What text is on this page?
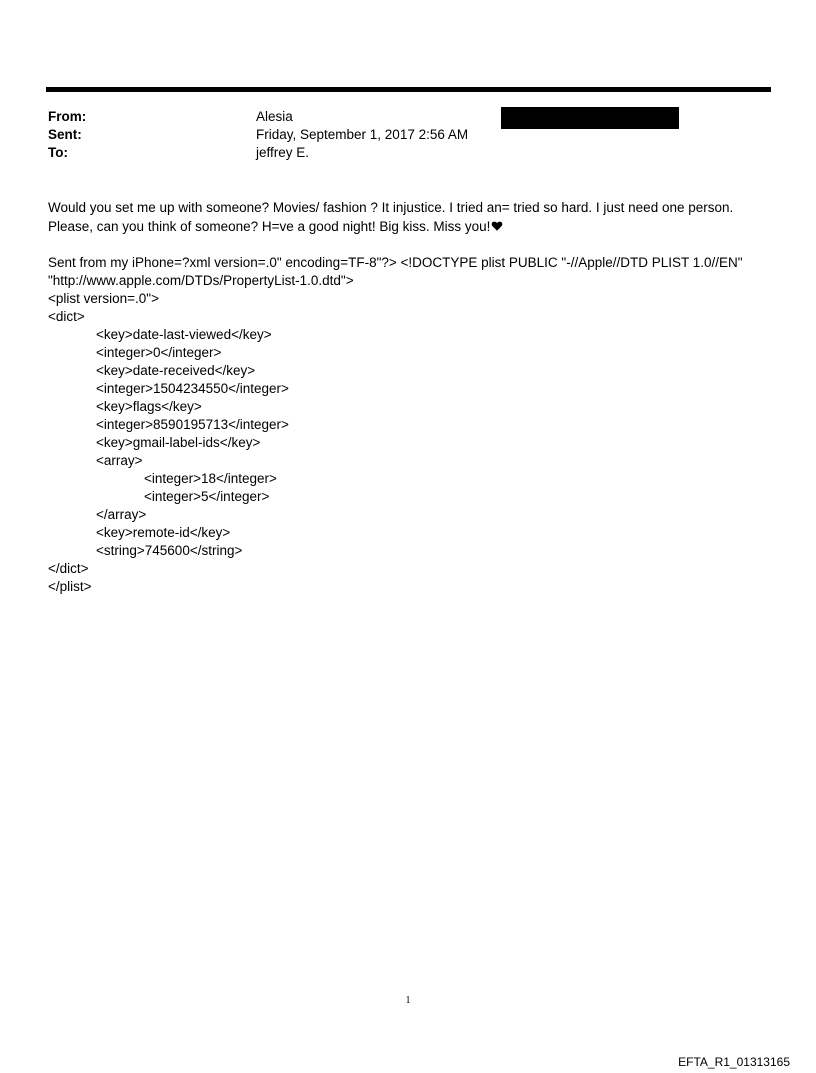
From:	Alesia
Sent:	Friday, September 1, 2017 2:56 AM
To:	jeffrey E.
Would you set me up with someone? Movies/ fashion ? It injustice. I tried an= tried so hard. I just need one person.
Please, can you think of someone? H=ve a good night! Big kiss. Miss you!
Sent from my iPhone=?xml version=.0" encoding=TF-8"?> <!DOCTYPE plist PUBLIC "-//Apple//DTD PLIST 1.0//EN"
"http://www.apple.com/DTDs/PropertyList-1.0.dtd">
<plist version=.0">
<dict>
<key>date-last-viewed</key>
<integer>0</integer>
<key>date-received</key>
<integer>1504234550</integer>
<key>flags</key>
<integer>8590195713</integer>
<key>gmail-label-ids</key>
<array>
<integer>18</integer>
<integer>5</integer>
</array>
<key>remote-id</key>
<string>745600</string>
</dict>
</plist>
1
EFTA_R1_01313165
